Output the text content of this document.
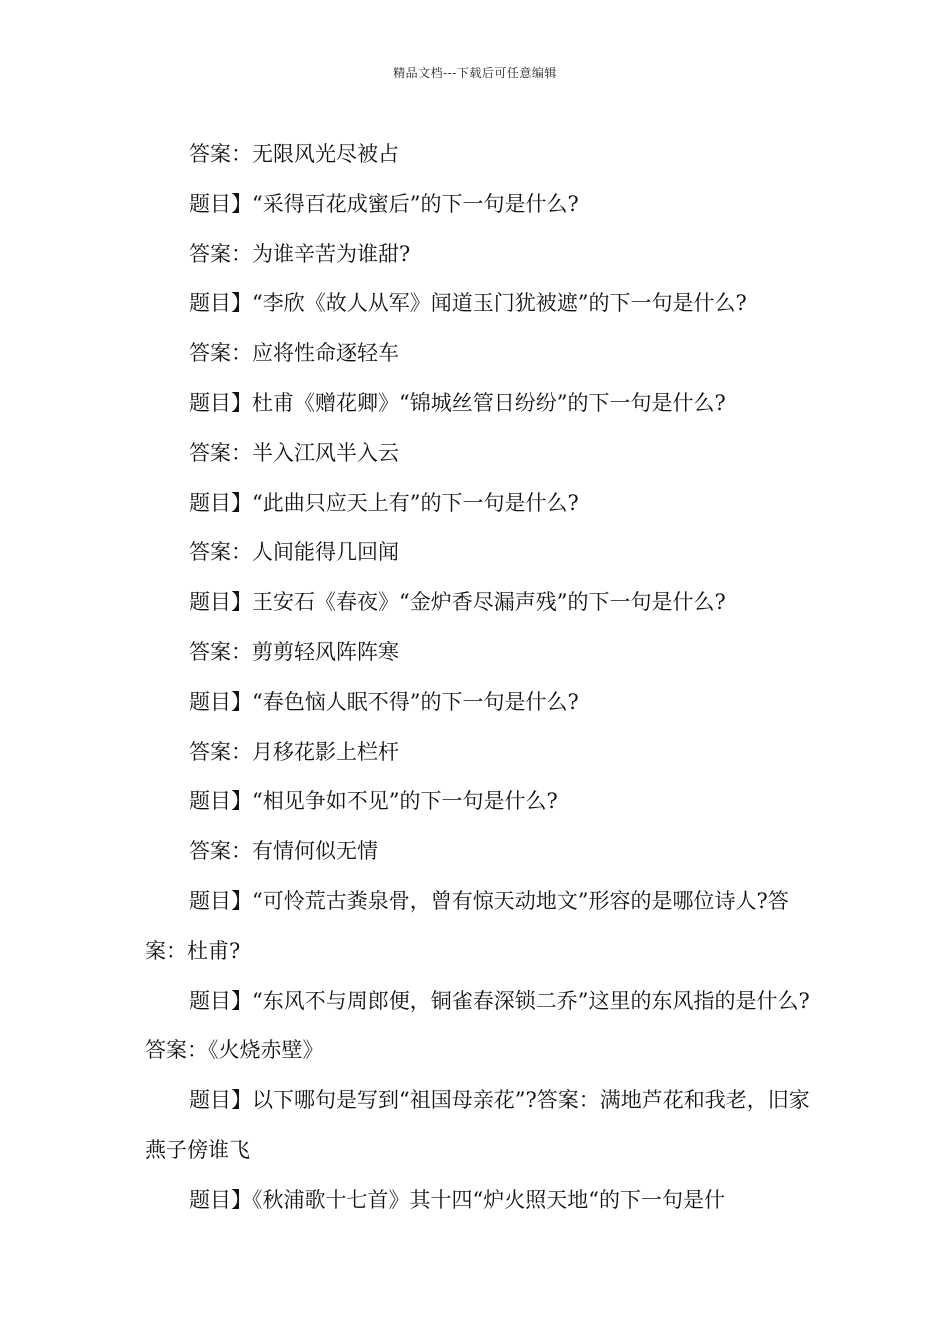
精品文档---下载后可任意编辑

答案：无限风光尽被占

题目】“采得百花成蜜后”的下一句是什么?

答案：为谁辛苦为谁甜?

题目】“李欣《故人从军》闻道玉门犹被遮”的下一句是什么?

答案：应将性命逐轻车

题目】杜甫《赠花卿》“锦城丝管日纷纷”的下一句是什么?

答案：半入江风半入云

题目】“此曲只应天上有”的下一句是什么?

答案：人间能得几回闻

题目】王安石《春夜》“金炉香尽漏声残”的下一句是什么?

答案：剪剪轻风阵阵寒

题目】“春色恼人眠不得”的下一句是什么?

答案：月移花影上栏杆

题目】“相见争如不见”的下一句是什么?

答案：有情何似无情

题目】“可怜荒古粪泉骨，曾有惊天动地文”形容的是哪位诗人?答案：杜甫?

题目】“东风不与周郎便，铜雀春深锁二乔”这里的东风指的是什么?答案：《火烧赤壁》

题目】以下哪句是写到“祖国母亲花”?答案：满地芦花和我老，旧家燕子傍谁飞

题目】《秋浦歌十七首》其十四“炉火照天地“的下一句是什
